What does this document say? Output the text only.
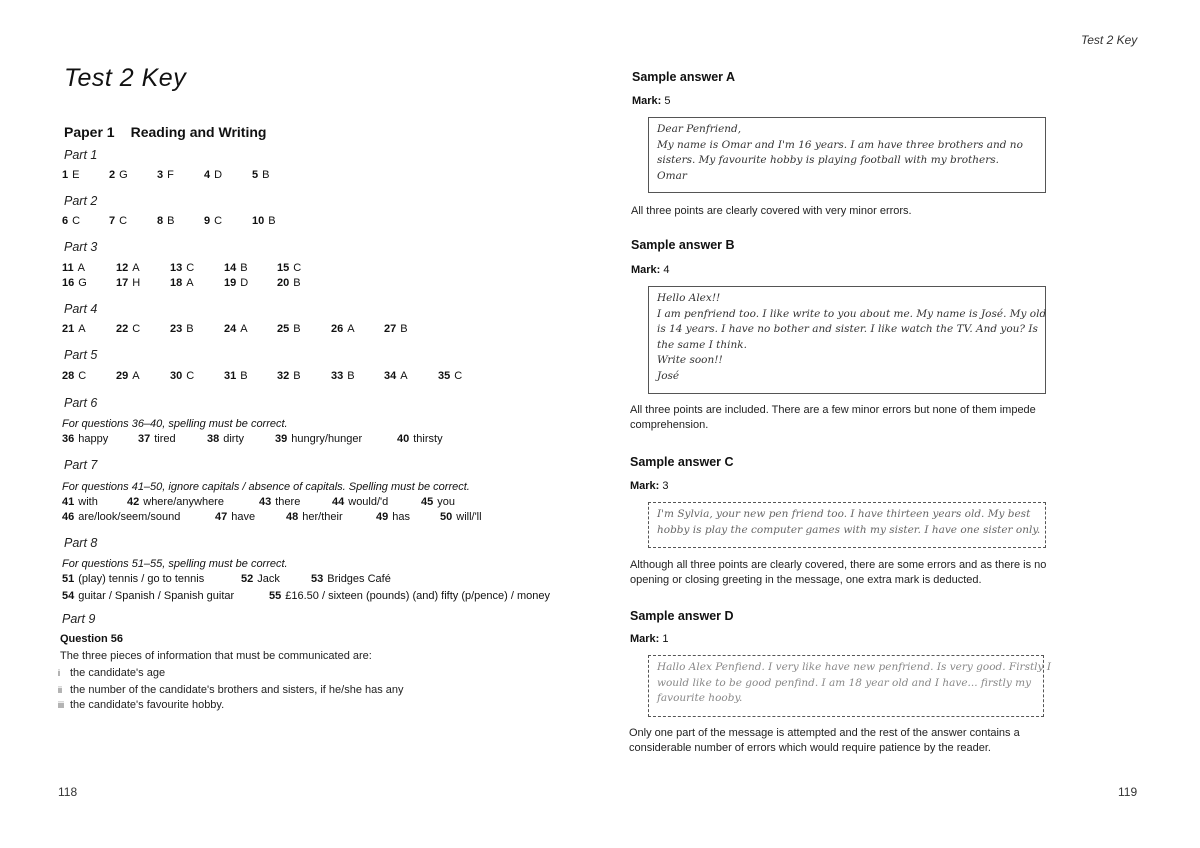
Test 2 Key
Paper 1 Reading and Writing
Part 1
1 E	2 G	3 F	4 D	5 B
Part 2
6 C	7 C	8 B	9 C	10 B
Part 3
11 A	12 A	13 C	14 B	15 C
16 G	17 H	18 A	19 D	20 B
Part 4
21 A	22 C	23 B	24 A	25 B	26 A	27 B
Part 5
28 C	29 A	30 C	31 B	32 B	33 B	34 A	35 C
Part 6
For questions 36–40, spelling must be correct.
36 happy	37 tired	38 dirty	39 hungry/hunger	40 thirsty
Part 7
For questions 41–50, ignore capitals / absence of capitals. Spelling must be correct.
41 with	42 where/anywhere	43 there	44 would/'d	45 you
46 are/look/seem/sound	47 have	48 her/their	49 has	50 will/'ll
Part 8
For questions 51–55, spelling must be correct.
51 (play) tennis / go to tennis	52 Jack	53 Bridges Café
54 guitar / Spanish / Spanish guitar	55 £16.50 / sixteen (pounds) (and) fifty (p/pence) / money
Part 9
Question 56
The three pieces of information that must be communicated are:
i the candidate's age
ii the number of the candidate's brothers and sisters, if he/she has any
iii the candidate's favourite hobby.
118
Test 2 Key
Sample answer A
Mark: 5
Dear Penfriend,
My name is Omar and I'm 16 years. I am have three brothers and no
sisters. My favourite hobby is playing football with my brothers.
Omar
All three points are clearly covered with very minor errors.
Sample answer B
Mark: 4
Hello Alex!!
I am penfriend too. I like write to you about me. My name is José. My old
is 14 years. I have no bother and sister. I like watch the TV. And you? Is
the same I think.
Write soon!!
José
All three points are included. There are a few minor errors but none of them impede comprehension.
Sample answer C
Mark: 3
I'm Sylvia, your new pen friend too. I have thirteen years old. My best
hobby is play the computer games with my sister. I have one sister only.
Although all three points are clearly covered, there are some errors and as there is no opening or closing greeting in the message, one extra mark is deducted.
Sample answer D
Mark: 1
Hallo Alex Penfiend. I very like have new penfriend. Is very good. Firstly I
would like to be good penfind. I am 18 year old and I have... firstly my
favourite hooby.
Only one part of the message is attempted and the rest of the answer contains a considerable number of errors which would require patience by the reader.
119
